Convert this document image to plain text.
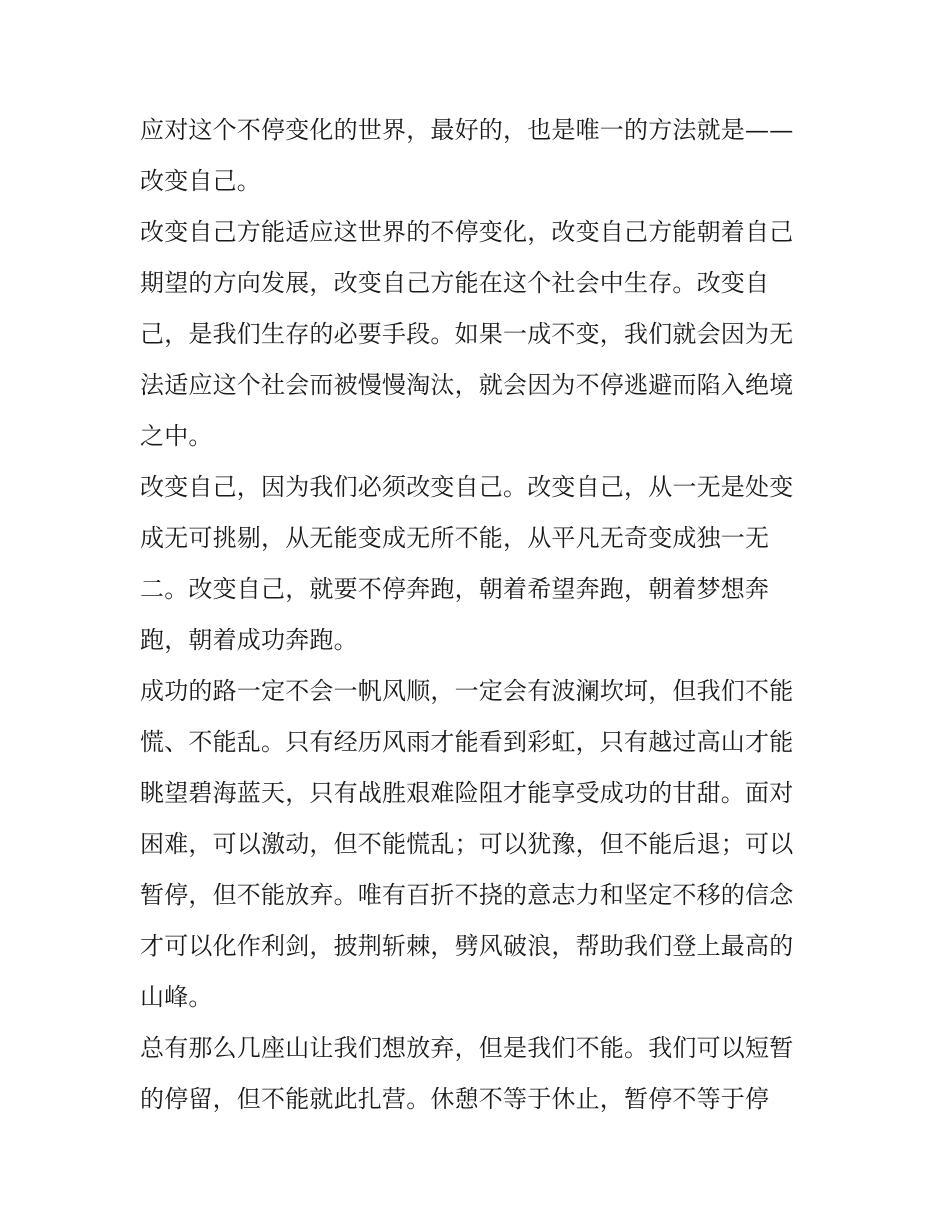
应对这个不停变化的世界，最好的，也是唯一的方法就是——
改变自己。
改变自己方能适应这世界的不停变化，改变自己方能朝着自己
期望的方向发展，改变自己方能在这个社会中生存。改变自
己，是我们生存的必要手段。如果一成不变，我们就会因为无
法适应这个社会而被慢慢淘汰，就会因为不停逃避而陷入绝境
之中。
改变自己，因为我们必须改变自己。改变自己，从一无是处变
成无可挑剔，从无能变成无所不能，从平凡无奇变成独一无
二。改变自己，就要不停奔跑，朝着希望奔跑，朝着梦想奔
跑，朝着成功奔跑。
成功的路一定不会一帆风顺，一定会有波澜坎坷，但我们不能
慌、不能乱。只有经历风雨才能看到彩虹，只有越过高山才能
眺望碧海蓝天，只有战胜艰难险阻才能享受成功的甘甜。面对
困难，可以激动，但不能慌乱；可以犹豫，但不能后退；可以
暂停，但不能放弃。唯有百折不挠的意志力和坚定不移的信念
才可以化作利剑，披荆斩棘，劈风破浪，帮助我们登上最高的
山峰。
总有那么几座山让我们想放弃，但是我们不能。我们可以短暂
的停留，但不能就此扎营。休憩不等于休止，暂停不等于停
